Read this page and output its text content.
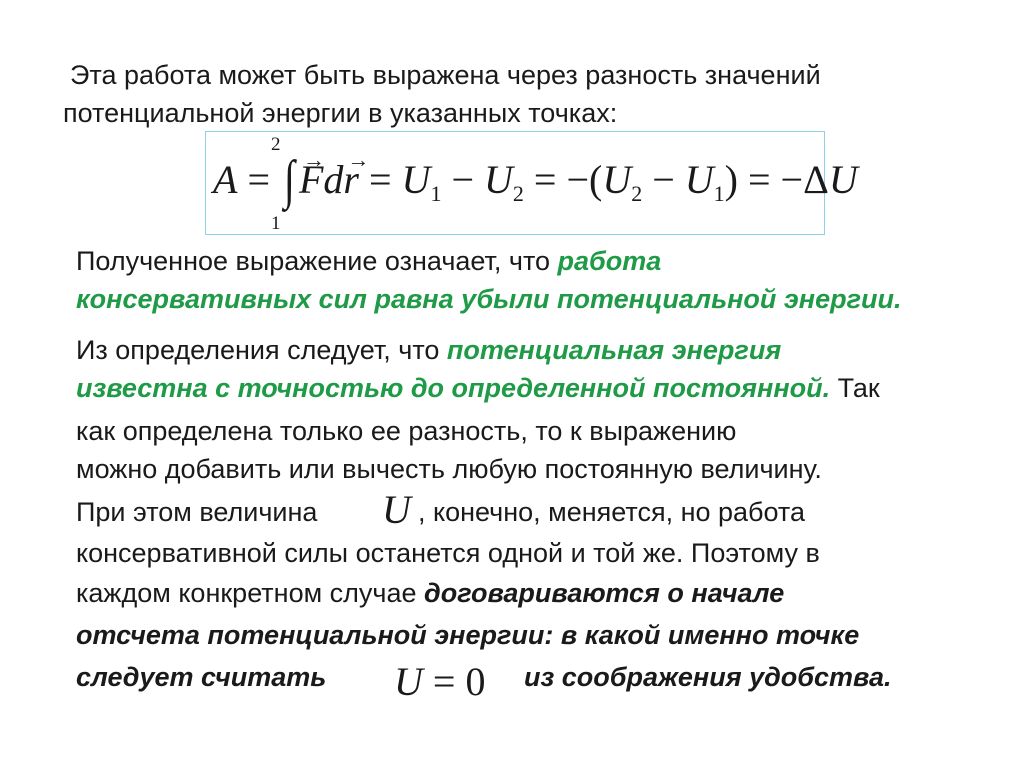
Эта работа может быть выражена через разность значений
потенциальной энергии в указанных точках:
2
1
A = ∫→ $Fd\to r = U_1 - U_2 = -(U_2 - U_1) = -\Delta U$
Полученное выражение означает, что работа
консервативных сил равна убыли потенциальной энергии.
Из определения следует, что потенциальная энергия
известна с точностью до определенной постоянной. Так
как определена только ее разность, то к выражению
можно добавить или вычесть любую постоянную величину.
При этом величина U , конечно, меняется, но работа
консервативной силы останется одной и той же. Поэтому в
каждом конкретном случае договариваются о начале
отсчета потенциальной энергии: в какой именно точке
следует считать U = 0 из соображения удобства.
